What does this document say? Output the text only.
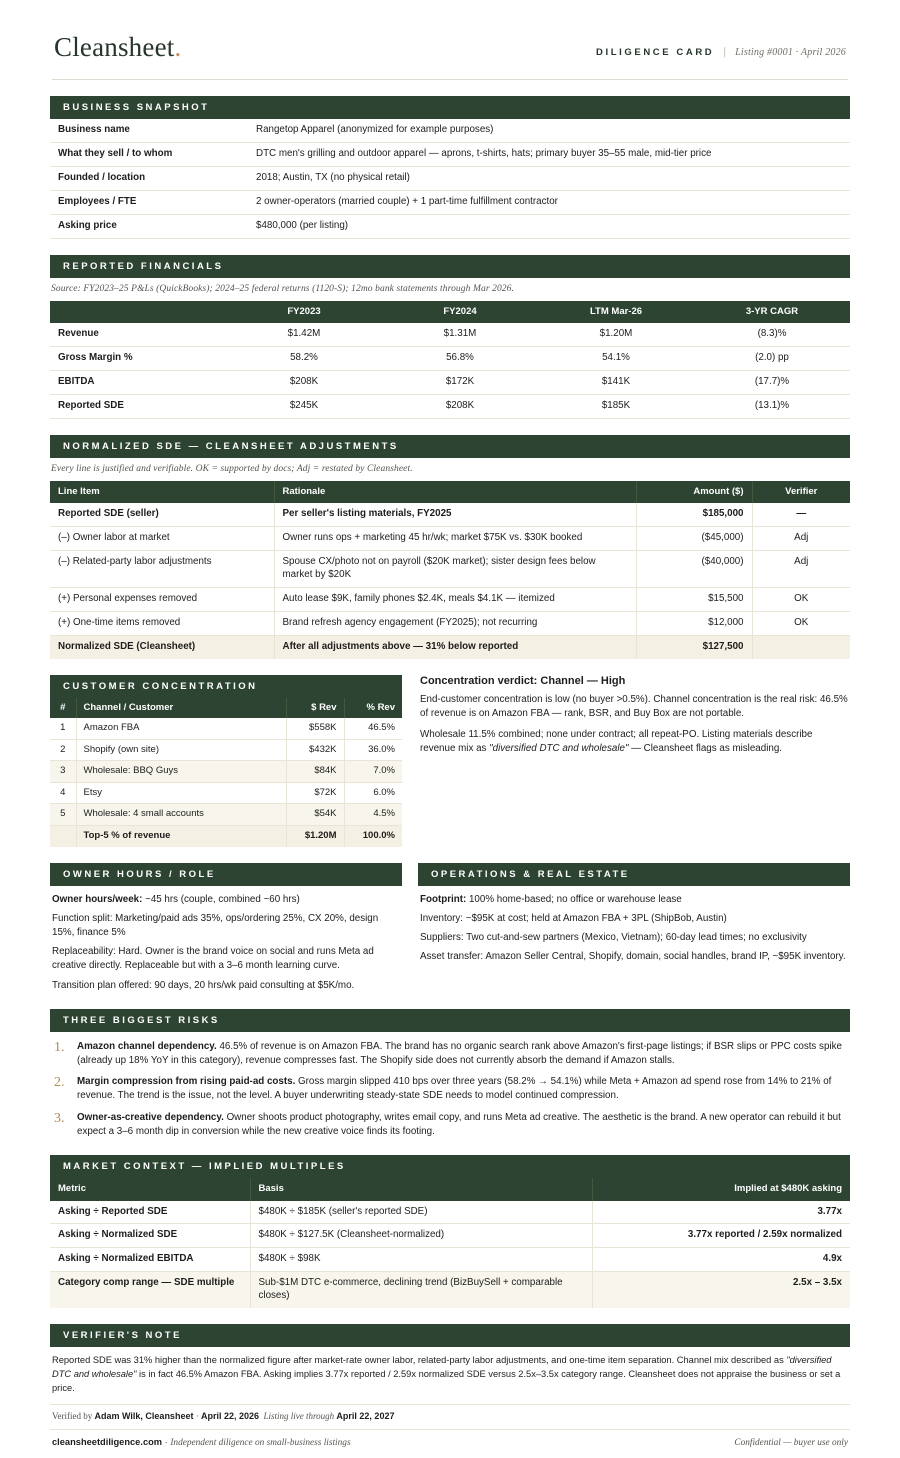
Cleansheet.	DILIGENCE CARD | Listing #0001 · April 2026
BUSINESS SNAPSHOT
Business name	Rangetop Apparel (anonymized for example purposes)
What they sell / to whom	DTC men's grilling and outdoor apparel — aprons, t-shirts, hats; primary buyer 35–55 male, mid-tier price
Founded / location	2018; Austin, TX (no physical retail)
Employees / FTE	2 owner-operators (married couple) + 1 part-time fulfillment contractor
Asking price	$480,000 (per listing)
REPORTED FINANCIALS
Source: FY2023–25 P&Ls (QuickBooks); 2024–25 federal returns (1120-S); 12mo bank statements through Mar 2026.
	FY2023	FY2024	LTM Mar-26	3-YR CAGR
Revenue	$1.42M	$1.31M	$1.20M	(8.3)%
Gross Margin %	58.2%	56.8%	54.1%	(2.0) pp
EBITDA	$208K	$172K	$141K	(17.7)%
Reported SDE	$245K	$208K	$185K	(13.1)%
NORMALIZED SDE — CLEANSHEET ADJUSTMENTS
Every line is justified and verifiable. OK = supported by docs; Adj = restated by Cleansheet.
Line Item	Rationale	Amount ($)	Verifier
Reported SDE (seller)	Per seller's listing materials, FY2025	$185,000	—
(–) Owner labor at market	Owner runs ops + marketing 45 hr/wk; market $75K vs. $30K booked	($45,000)	Adj
(–) Related-party labor adjustments	Spouse CX/photo not on payroll ($20K market); sister design fees below market by $20K	($40,000)	Adj
(+) Personal expenses removed	Auto lease $9K, family phones $2.4K, meals $4.1K — itemized	$15,500	OK
(+) One-time items removed	Brand refresh agency engagement (FY2025); not recurring	$12,000	OK
Normalized SDE (Cleansheet)	After all adjustments above — 31% below reported	$127,500	
CUSTOMER CONCENTRATION
#	Channel / Customer	$ Rev	% Rev
1	Amazon FBA	$558K	46.5%
2	Shopify (own site)	$432K	36.0%
3	Wholesale: BBQ Guys	$84K	7.0%
4	Etsy	$72K	6.0%
5	Wholesale: 4 small accounts	$54K	4.5%
	Top-5 % of revenue	$1.20M	100.0%
Concentration verdict: Channel — High

End-customer concentration is low (no buyer >0.5%). Channel concentration is the real risk: 46.5% of revenue is on Amazon FBA — rank, BSR, and Buy Box are not portable.

Wholesale 11.5% combined; none under contract; all repeat-PO. Listing materials describe revenue mix as "diversified DTC and wholesale" — Cleansheet flags as misleading.

OWNER HOURS / ROLE

Owner hours/week: ~45 hrs (couple, combined ~60 hrs)

Function split: Marketing/paid ads 35%, ops/ordering 25%, CX 20%, design 15%, finance 5%

Replaceability: Hard. Owner is the brand voice on social and runs Meta ad creative directly. Replaceable but with a 3–6 month learning curve.

Transition plan offered: 90 days, 20 hrs/wk paid consulting at $5K/mo.

OPERATIONS & REAL ESTATE

Footprint: 100% home-based; no office or warehouse lease

Inventory: ~$95K at cost; held at Amazon FBA + 3PL (ShipBob, Austin)

Suppliers: Two cut-and-sew partners (Mexico, Vietnam); 60-day lead times; no exclusivity

Asset transfer: Amazon Seller Central, Shopify, domain, social handles, brand IP, ~$95K inventory.

THREE BIGGEST RISKS
1.	Amazon channel dependency. 46.5% of revenue is on Amazon FBA. The brand has no organic search rank above Amazon's first-page listings; if BSR slips or PPC costs spike (already up 18% YoY in this category), revenue compresses fast. The Shopify side does not currently absorb the demand if Amazon stalls.
2.	Margin compression from rising paid-ad costs. Gross margin slipped 410 bps over three years (58.2% → 54.1%) while Meta + Amazon ad spend rose from 14% to 21% of revenue. The trend is the issue, not the level. A buyer underwriting steady-state SDE needs to model continued compression.
3.	Owner-as-creative dependency. Owner shoots product photography, writes email copy, and runs Meta ad creative. The aesthetic is the brand. A new operator can rebuild it but expect a 3–6 month dip in conversion while the new creative voice finds its footing.
MARKET CONTEXT — IMPLIED MULTIPLES
Metric	Basis	Implied at $480K asking
Asking ÷ Reported SDE	$480K ÷ $185K (seller's reported SDE)	3.77x
Asking ÷ Normalized SDE	$480K ÷ $127.5K (Cleansheet-normalized)	3.77x reported / 2.59x normalized
Asking ÷ Normalized EBITDA	$480K ÷ $98K	4.9x
Category comp range — SDE multiple	Sub-$1M DTC e-commerce, declining trend (BizBuySell + comparable closes)	2.5x – 3.5x
VERIFIER'S NOTE
Reported SDE was 31% higher than the normalized figure after market-rate owner labor, related-party labor adjustments, and one-time item separation. Channel mix described as "diversified DTC and wholesale" is in fact 46.5% Amazon FBA. Asking implies 3.77x reported / 2.59x normalized SDE versus 2.5x–3.5x category range. Cleansheet does not appraise the business or set a price.
Verified by Adam Wilk, Cleansheet · April 22, 2026 Listing live through April 22, 2027
cleansheetdiligence.com · Independent diligence on small-business listings	Confidential — buyer use only
